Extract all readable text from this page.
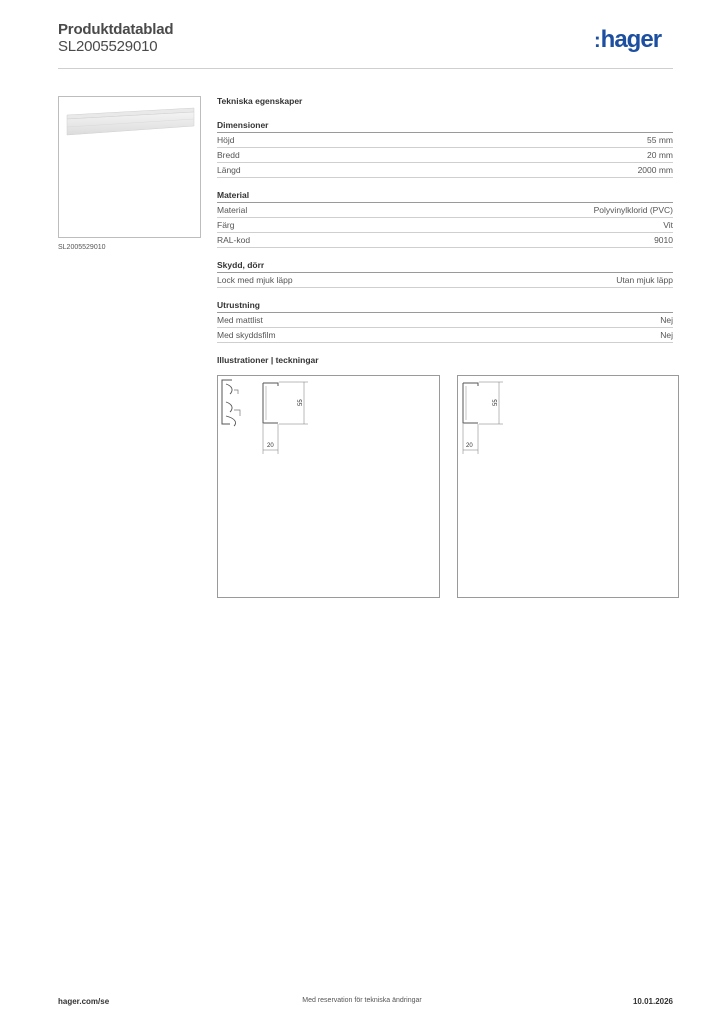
Produktdatablad
SL2005529010	:hager
SL2005529010
Tekniska egenskaper
Dimensioner
Höjd	55 mm
Bredd	20 mm
Längd	2000 mm
Material
Material	Polyvinylklorid (PVC)
Färg	Vit
RAL-kod	9010
Skydd, dörr
Lock med mjuk läpp	Utan mjuk läpp
Utrustning
Med mattlist	Nej
Med skyddsfilm	Nej
Illustrationer | teckningar
55
20
55
20
hager.com/se	Med reservation för tekniska ändringar	10.01.2026
